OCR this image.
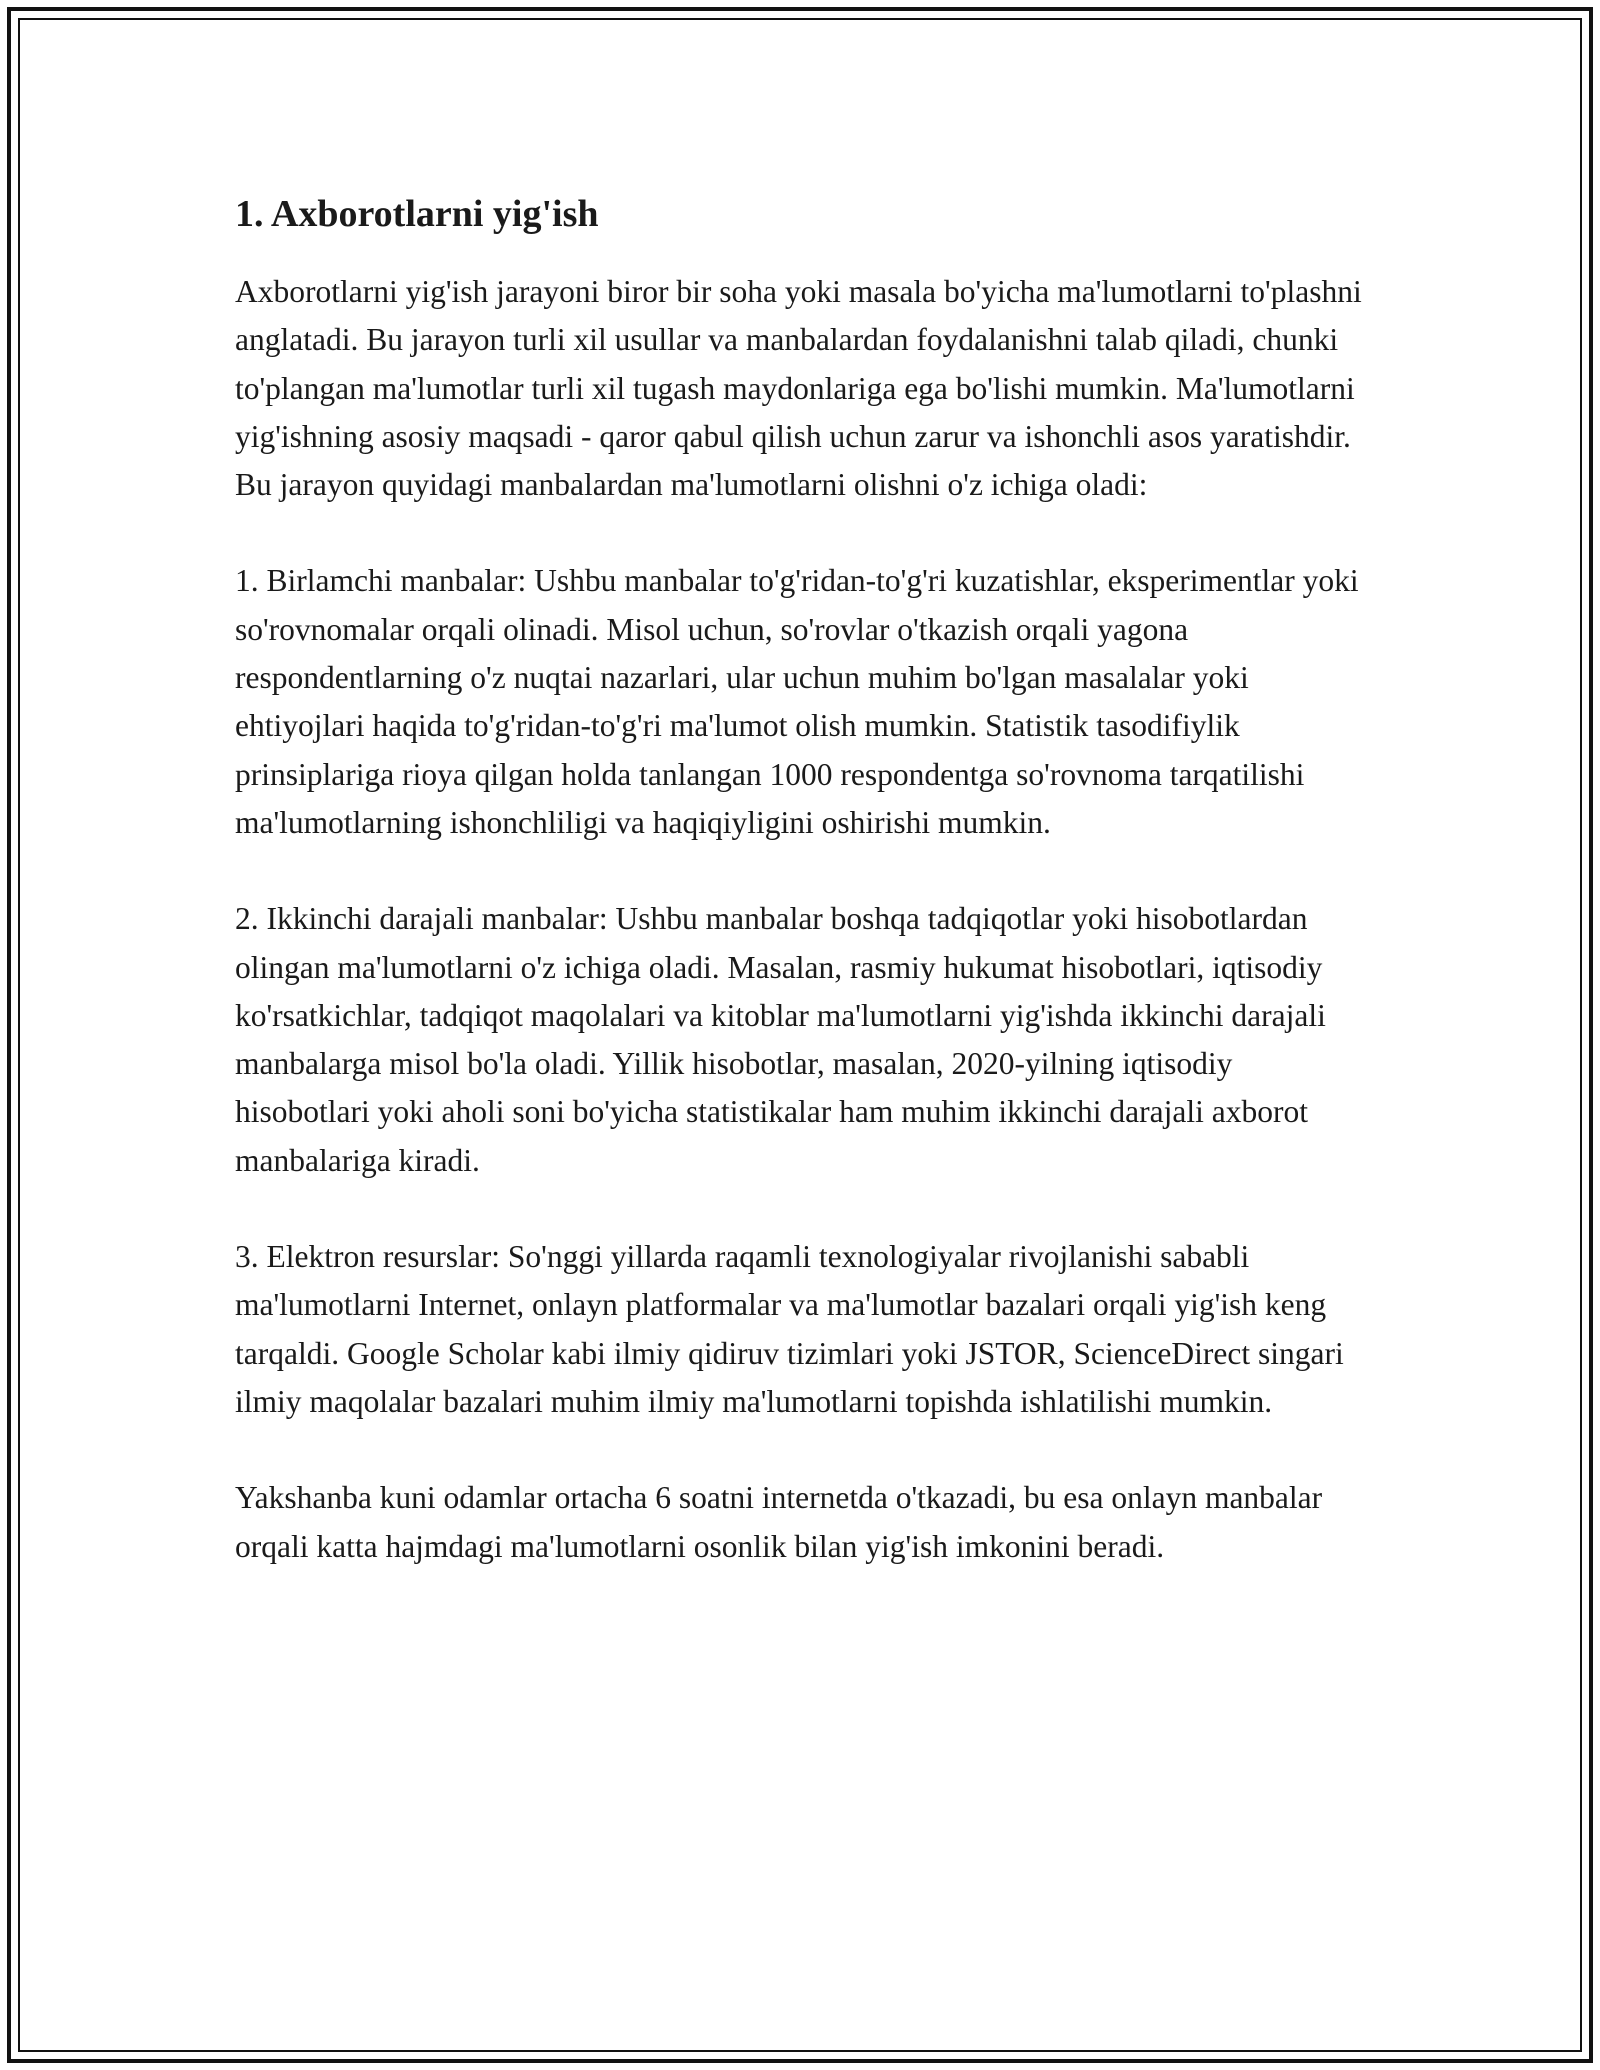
1. Axborotlarni yig'ish

Axborotlarni yig'ish jarayoni biror bir soha yoki masala bo'yicha ma'lumotlarni to'plashni anglatadi. Bu jarayon turli xil usullar va manbalardan foydalanishni talab qiladi, chunki to'plangan ma'lumotlar turli xil tugash maydonlariga ega bo'lishi mumkin. Ma'lumotlarni yig'ishning asosiy maqsadi - qaror qabul qilish uchun zarur va ishonchli asos yaratishdir. Bu jarayon quyidagi manbalardan ma'lumotlarni olishni o'z ichiga oladi:

1. Birlamchi manbalar: Ushbu manbalar to'g'ridan-to'g'ri kuzatishlar, eksperimentlar yoki so'rovnomalar orqali olinadi. Misol uchun, so'rovlar o'tkazish orqali yagona respondentlarning o'z nuqtai nazarlari, ular uchun muhim bo'lgan masalalar yoki ehtiyojlari haqida to'g'ridan-to'g'ri ma'lumot olish mumkin. Statistik tasodifiylik prinsiplariga rioya qilgan holda tanlangan 1000 respondentga so'rovnoma tarqatilishi ma'lumotlarning ishonchliligi va haqiqiyligini oshirishi mumkin.

2. Ikkinchi darajali manbalar: Ushbu manbalar boshqa tadqiqotlar yoki hisobotlardan olingan ma'lumotlarni o'z ichiga oladi. Masalan, rasmiy hukumat hisobotlari, iqtisodiy ko'rsatkichlar, tadqiqot maqolalari va kitoblar ma'lumotlarni yig'ishda ikkinchi darajali manbalarga misol bo'la oladi. Yillik hisobotlar, masalan, 2020-yilning iqtisodiy hisobotlari yoki aholi soni bo'yicha statistikalar ham muhim ikkinchi darajali axborot manbalariga kiradi.

3. Elektron resurslar: So'nggi yillarda raqamli texnologiyalar rivojlanishi sababli ma'lumotlarni Internet, onlayn platformalar va ma'lumotlar bazalari orqali yig'ish keng tarqaldi. Google Scholar kabi ilmiy qidiruv tizimlari yoki JSTOR, ScienceDirect singari ilmiy maqolalar bazalari muhim ilmiy ma'lumotlarni topishda ishlatilishi mumkin.

Yakshanba kuni odamlar ortacha 6 soatni internetda o'tkazadi, bu esa onlayn manbalar orqali katta hajmdagi ma'lumotlarni osonlik bilan yig'ish imkonini beradi.
